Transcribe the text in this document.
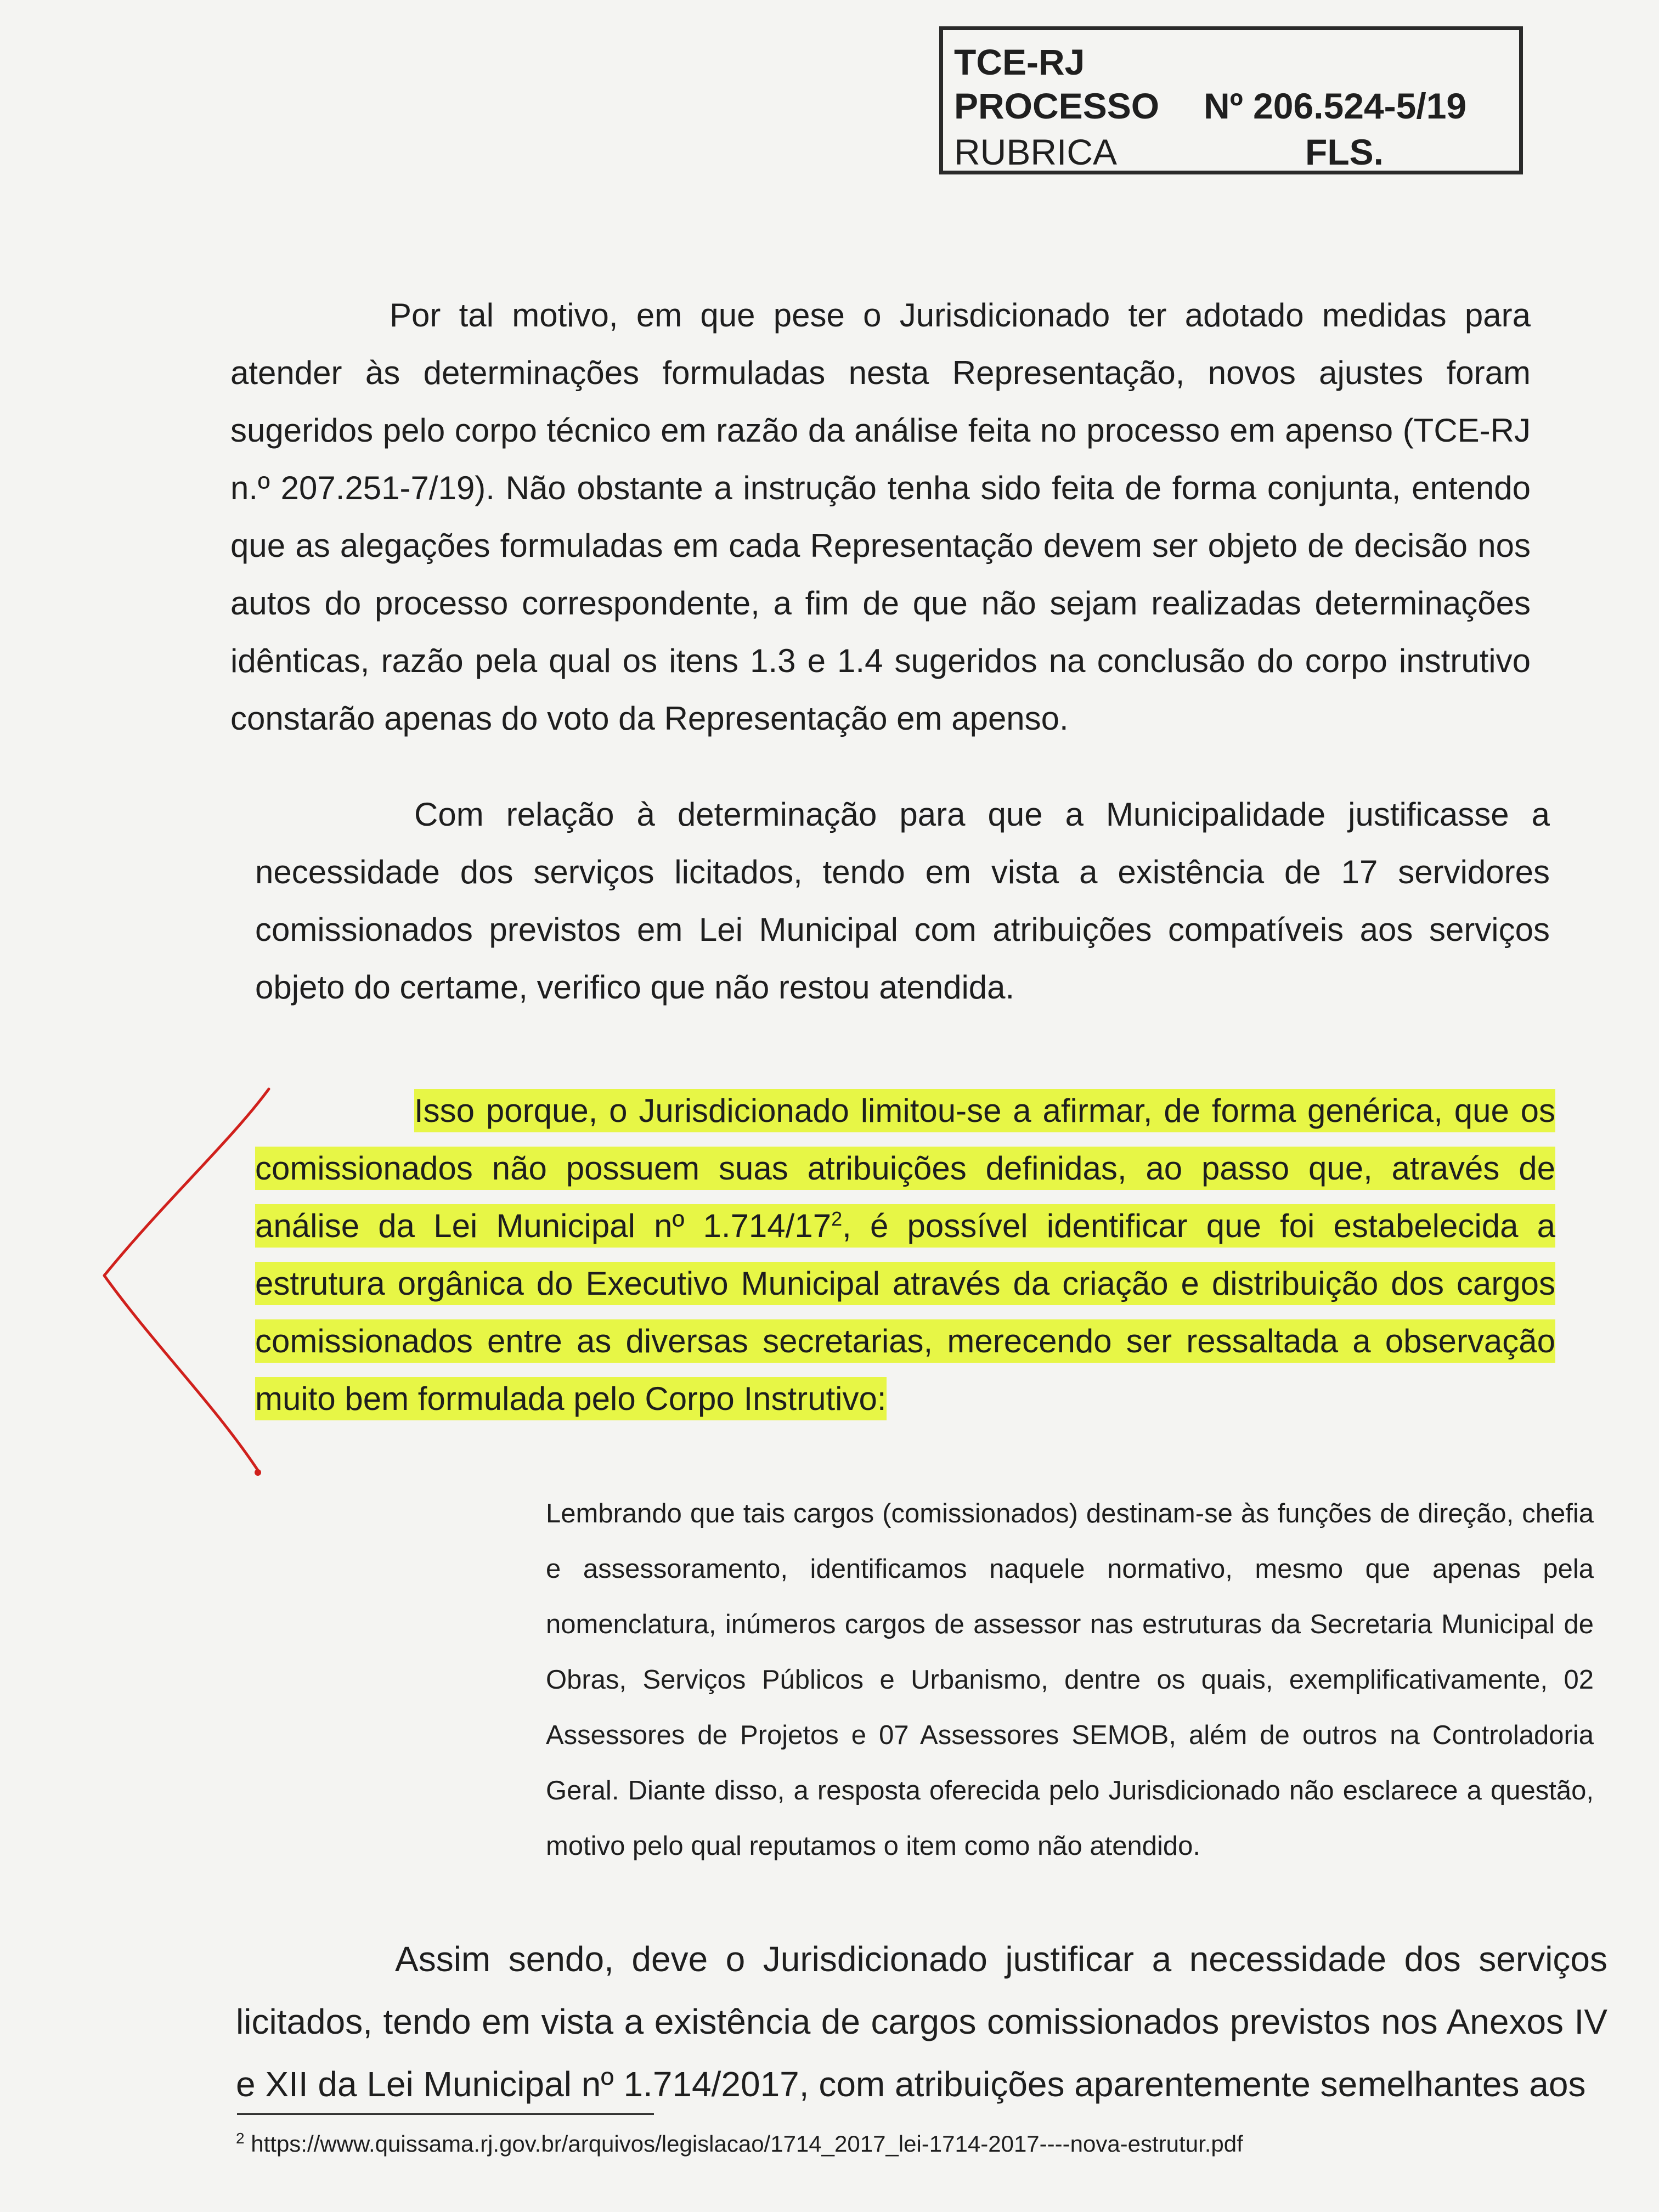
TCE-RJ
PROCESSO Nº 206.524-5/19
RUBRICA	FLS.

Por tal motivo, em que pese o Jurisdicionado ter adotado medidas para atender às determinações formuladas nesta Representação, novos ajustes foram sugeridos pelo corpo técnico em razão da análise feita no processo em apenso (TCE-RJ n.º 207.251-7/19). Não obstante a instrução tenha sido feita de forma conjunta, entendo que as alegações formuladas em cada Representação devem ser objeto de decisão nos autos do processo correspondente, a fim de que não sejam realizadas determinações idênticas, razão pela qual os itens 1.3 e 1.4 sugeridos na conclusão do corpo instrutivo constarão apenas do voto da Representação em apenso.

Com relação à determinação para que a Municipalidade justificasse a necessidade dos serviços licitados, tendo em vista a existência de 17 servidores comissionados previstos em Lei Municipal com atribuições compatíveis aos serviços objeto do certame, verifico que não restou atendida.

Isso porque, o Jurisdicionado limitou-se a afirmar, de forma genérica, que os comissionados não possuem suas atribuições definidas, ao passo que, através de análise da Lei Municipal nº $1.714/17^2$, é possível identificar que foi estabelecida a estrutura orgânica do Executivo Municipal através da criação e distribuição dos cargos comissionados entre as diversas secretarias, merecendo ser ressaltada a observação muito bem formulada pelo Corpo Instrutivo:

Lembrando que tais cargos (comissionados) destinam-se às funções de direção, chefia e assessoramento, identificamos naquele normativo, mesmo que apenas pela nomenclatura, inúmeros cargos de assessor nas estruturas da Secretaria Municipal de Obras, Serviços Públicos e Urbanismo, dentre os quais, exemplificativamente, 02 Assessores de Projetos e 07 Assessores SEMOB, além de outros na Controladoria Geral. Diante disso, a resposta oferecida pelo Jurisdicionado não esclarece a questão, motivo pelo qual reputamos o item como não atendido.

Assim sendo, deve o Jurisdicionado justificar a necessidade dos serviços licitados, tendo em vista a existência de cargos comissionados previstos nos Anexos IV e XII da Lei Municipal nº 1.714/2017, com atribuições aparentemente semelhantes aos

$^2$ https://www.quissama.rj.gov.br/arquivos/legislacao/1714_2017_lei-1714-2017----nova-estrutur.pdf
